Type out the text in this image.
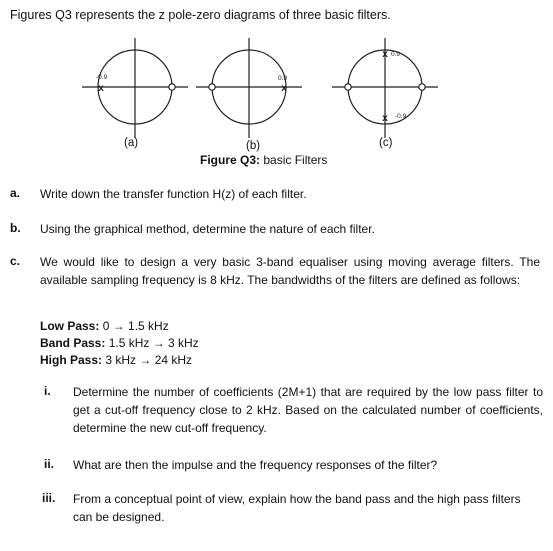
Figures Q3 represents the z pole-zero diagrams of three basic filters.
x	x
x
x
-0.9	0.9
0.9
-0.9
(a)	(b)	(c)
Figure Q3: basic Filters
a. Write down the transfer function H(z) of each filter.
b. Using the graphical method, determine the nature of each filter.
c. We would like to design a very basic 3-band equaliser using moving average filters. The available sampling frequency is 8 kHz. The bandwidths of the filters are defined as follows:
Low Pass: 0 → 1.5 kHz
Band Pass: 1.5 kHz → 3 kHz
High Pass: 3 kHz → 24 kHz
i. Determine the number of coefficients (2M+1) that are required by the low pass filter to get a cut-off frequency close to 2 kHz. Based on the calculated number of coefficients, determine the new cut-off frequency.
ii. What are then the impulse and the frequency responses of the filter?
iii. From a conceptual point of view, explain how the band pass and the high pass filters can be designed.
